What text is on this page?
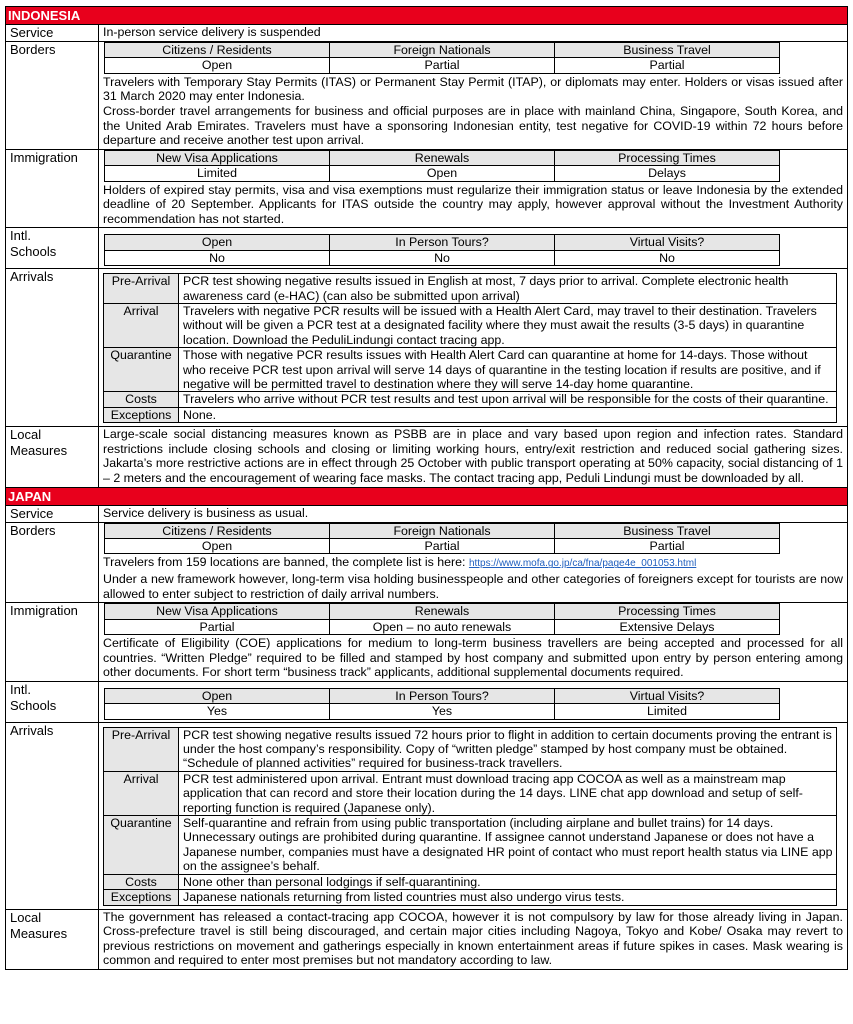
INDONESIA
Service	In-person service delivery is suspended
Borders	Citizens / Residents	Foreign Nationals	Business Travel
Open	Partial	Partial
Travelers with Temporary Stay Permits (ITAS) or Permanent Stay Permit (ITAP), or diplomats may enter. Holders or visas issued after 31 March 2020 may enter Indonesia.
Cross-border travel arrangements for business and official purposes are in place with mainland China, Singapore, South Korea, and the United Arab Emirates. Travelers must have a sponsoring Indonesian entity, test negative for COVID-19 within 72 hours before departure and receive another test upon arrival.
Immigration	New Visa Applications	Renewals	Processing Times
Limited	Open	Delays
Holders of expired stay permits, visa and visa exemptions must regularize their immigration status or leave Indonesia by the extended deadline of 20 September. Applicants for ITAS outside the country may apply, however approval without the Investment Authority recommendation has not started.
Intl.
Schools
Open	In Person Tours?	Virtual Visits?
No	No	No
Arrivals	Pre-Arrival	PCR test showing negative results issued in English at most, 7 days prior to arrival. Complete electronic health awareness card (e-HAC) (can also be submitted upon arrival)
Arrival	Travelers with negative PCR results will be issued with a Health Alert Card, may travel to their destination. Travelers without will be given a PCR test at a designated facility where they must await the results (3-5 days) in quarantine location. Download the PeduliLindungi contact tracing app.
Quarantine	Those with negative PCR results issues with Health Alert Card can quarantine at home for 14-days. Those without who receive PCR test upon arrival will serve 14 days of quarantine in the testing location if results are positive, and if negative will be permitted travel to destination where they will serve 14-day home quarantine.
Costs	Travelers who arrive without PCR test results and test upon arrival will be responsible for the costs of their quarantine.
Exceptions	None.
Local
Measures
Large-scale social distancing measures known as PSBB are in place and vary based upon region and infection rates. Standard restrictions include closing schools and closing or limiting working hours, entry/exit restriction and reduced social gathering sizes. Jakarta’s more restrictive actions are in effect through 25 October with public transport operating at 50% capacity, social distancing of 1 – 2 meters and the encouragement of wearing face masks. The contact tracing app, Peduli Lindungi must be downloaded by all.
JAPAN
Service	Service delivery is business as usual.
Borders	Citizens / Residents	Foreign Nationals	Business Travel
Open	Partial	Partial
Travelers from 159 locations are banned, the complete list is here: https://www.mofa.go.jp/ca/fna/page4e_001053.html
Under a new framework however, long-term visa holding businesspeople and other categories of foreigners except for tourists are now allowed to enter subject to restriction of daily arrival numbers.
Immigration	New Visa Applications	Renewals	Processing Times
Partial	Open – no auto renewals	Extensive Delays
Certificate of Eligibility (COE) applications for medium to long-term business travellers are being accepted and processed for all countries. “Written Pledge” required to be filled and stamped by host company and submitted upon entry by person entering among other documents. For short term “business track” applicants, additional supplemental documents required.
Intl.
Schools
Open	In Person Tours?	Virtual Visits?
Yes	Yes	Limited
Arrivals	Pre-Arrival	PCR test showing negative results issued 72 hours prior to flight in addition to certain documents proving the entrant is under the host company’s responsibility. Copy of “written pledge” stamped by host company must be obtained. “Schedule of planned activities” required for business-track travellers.
Arrival	PCR test administered upon arrival. Entrant must download tracing app COCOA as well as a mainstream map application that can record and store their location during the 14 days. LINE chat app download and setup of self-reporting function is required (Japanese only).
Quarantine	Self-quarantine and refrain from using public transportation (including airplane and bullet trains) for 14 days. Unnecessary outings are prohibited during quarantine. If assignee cannot understand Japanese or does not have a Japanese number, companies must have a designated HR point of contact who must report health status via LINE app on the assignee’s behalf.
Costs	None other than personal lodgings if self-quarantining.
Exceptions	Japanese nationals returning from listed countries must also undergo virus tests.
Local
Measures
The government has released a contact-tracing app COCOA, however it is not compulsory by law for those already living in Japan. Cross-prefecture travel is still being discouraged, and certain major cities including Nagoya, Tokyo and Kobe/ Osaka may revert to previous restrictions on movement and gatherings especially in known entertainment areas if future spikes in cases. Mask wearing is common and required to enter most premises but not mandatory according to law.
